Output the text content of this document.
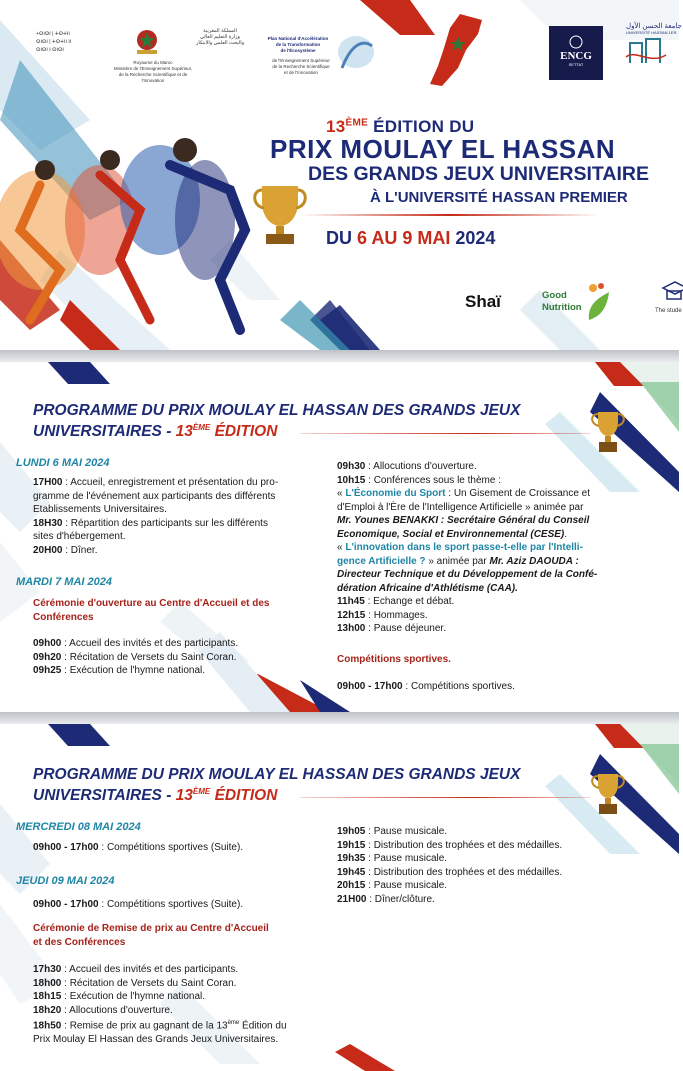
+ⵙⵏⵙⵏ | ⵜⵙⵜⵏⵏ
ⵙⵏⵙⵏ | ⵜⵙⵜⵏⵏ ⵏⵏ
ⵙⵏⵙⵏ ⵏ ⵙⵏⵙⵏ
Royaume du Maroc
Ministère de l'Enseignement Supérieur,
de la Recherche Scientifique et de l'Innovation
المملكة المغربية
وزارة التعليم العالي
والبحث العلمي والابتكار
Plan National d'Accélération
de la Transformation
de l'Écosystème
de l'Enseignement Supérieur
de la Recherche Scientifique
et de l'Innovation
ENCG
SETTAT
جامعة الحسن الأول
UNIVERSITÉ HASSAN 1ER
13ÈME ÉDITION DU
PRIX MOULAY EL HASSAN
DES GRANDS JEUX UNIVERSITAIRE
À L'UNIVERSITÉ HASSAN PREMIER
DU 6 AU 9 MAI 2024
Shaï	Good
Nutrition	The stude
PROGRAMME DU PRIX MOULAY EL HASSAN DES GRANDS JEUX
UNIVERSITAIRES - 13ÈME ÉDITION
LUNDI 6 MAI 2024
17H00 : Accueil, enregistrement et présentation du pro-
gramme de l'événement aux participants des différents
Etablissements Universitaires.
18H30 : Répartition des participants sur les différents
sites d'hébergement.
20H00 : Dîner.
MARDI 7 MAI 2024
Cérémonie d'ouverture au Centre d'Accueil et des
Conférences
09h00 : Accueil des invités et des participants.
09h20 : Récitation de Versets du Saint Coran.
09h25 : Exécution de l'hymne national.
09h30 : Allocutions d'ouverture.
10h15 : Conférences sous le thème :
« L'Économie du Sport : Un Gisement de Croissance et
d'Emploi à l'Ère de l'Intelligence Artificielle » animée par
Mr. Younes BENAKKI : Secrétaire Général du Conseil
Economique, Social et Environnemental (CESE).
« L'innovation dans le sport passe-t-elle par l'Intelli-
gence Artificielle ? » animée par Mr. Aziz DAOUDA :
Directeur Technique et du Développement de la Confé-
dération Africaine d'Athlétisme (CAA).
11h45 : Echange et débat.
12h15 : Hommages.
13h00 : Pause déjeuner.
Compétitions sportives.
09h00 - 17h00 : Compétitions sportives.
PROGRAMME DU PRIX MOULAY EL HASSAN DES GRANDS JEUX
UNIVERSITAIRES - 13ÈME ÉDITION
MERCREDI 08 MAI 2024
09h00 - 17h00 : Compétitions sportives (Suite).
JEUDI 09 MAI 2024
09h00 - 17h00 : Compétitions sportives (Suite).
Cérémonie de Remise de prix au Centre d'Accueil
et des Conférences
17h30 : Accueil des invités et des participants.
18h00 : Récitation de Versets du Saint Coran.
18h15 : Exécution de l'hymne national.
18h20 : Allocutions d'ouverture.
18h50 : Remise de prix au gagnant de la 13ème Édition du
Prix Moulay El Hassan des Grands Jeux Universitaires.
19h05 : Pause musicale.
19h15 : Distribution des trophées et des médailles.
19h35 : Pause musicale.
19h45 : Distribution des trophées et des médailles.
20h15 : Pause musicale.
21H00 : Dîner/clôture.
